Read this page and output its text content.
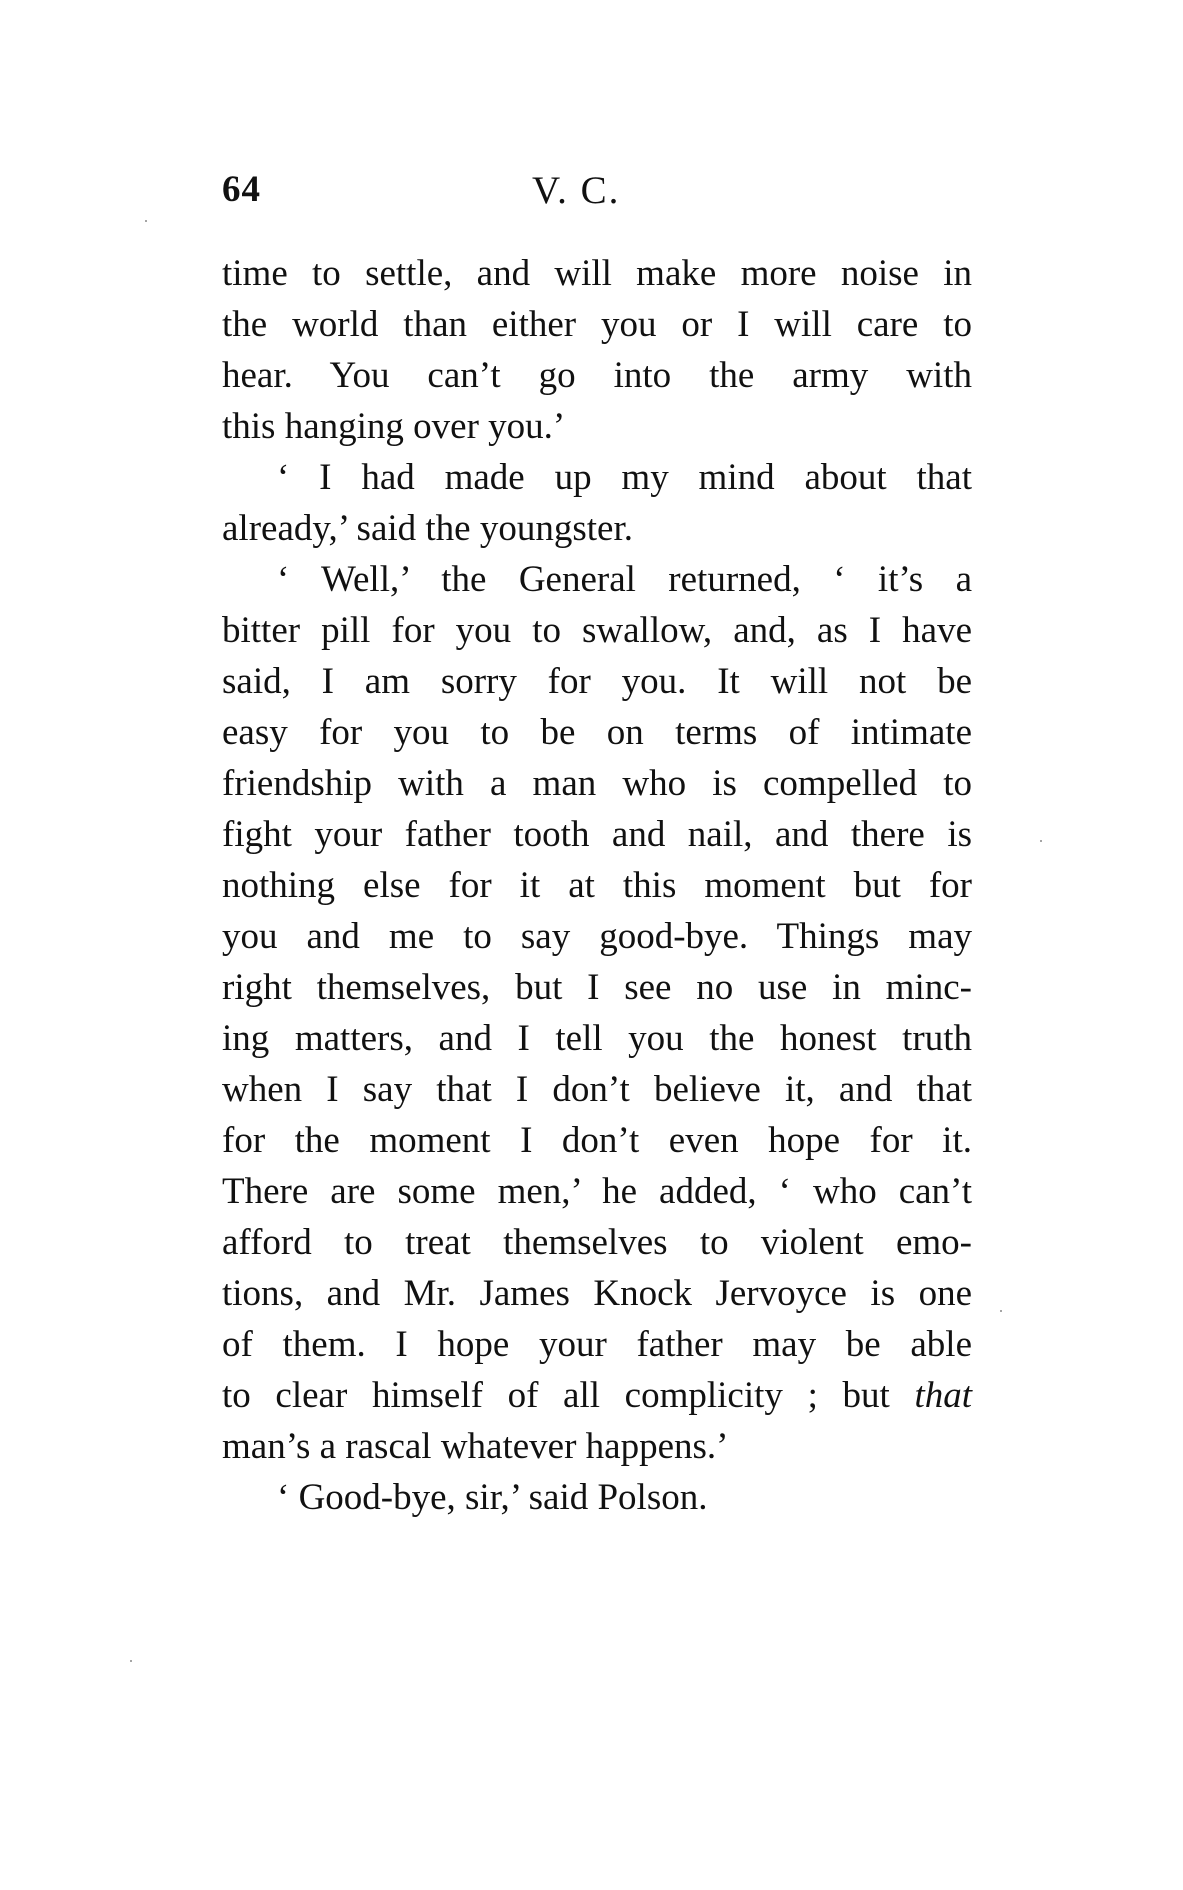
64	V. C.
time to settle, and will make more noise in
the world than either you or I will care to
hear. You can’t go into the army with
this hanging over you.’
‘ I had made up my mind about that
already,’ said the youngster.
‘ Well,’ the General returned, ‘ it’s a
bitter pill for you to swallow, and, as I have
said, I am sorry for you. It will not be
easy for you to be on terms of intimate
friendship with a man who is compelled to
fight your father tooth and nail, and there is
nothing else for it at this moment but for
you and me to say good-bye. Things may
right themselves, but I see no use in minc-
ing matters, and I tell you the honest truth
when I say that I don’t believe it, and that
for the moment I don’t even hope for it.
There are some men,’ he added, ‘ who can’t
afford to treat themselves to violent emo-
tions, and Mr. James Knock Jervoyce is one
of them. I hope your father may be able
to clear himself of all complicity ; but that
man’s a rascal whatever happens.’
‘ Good-bye, sir,’ said Polson.
